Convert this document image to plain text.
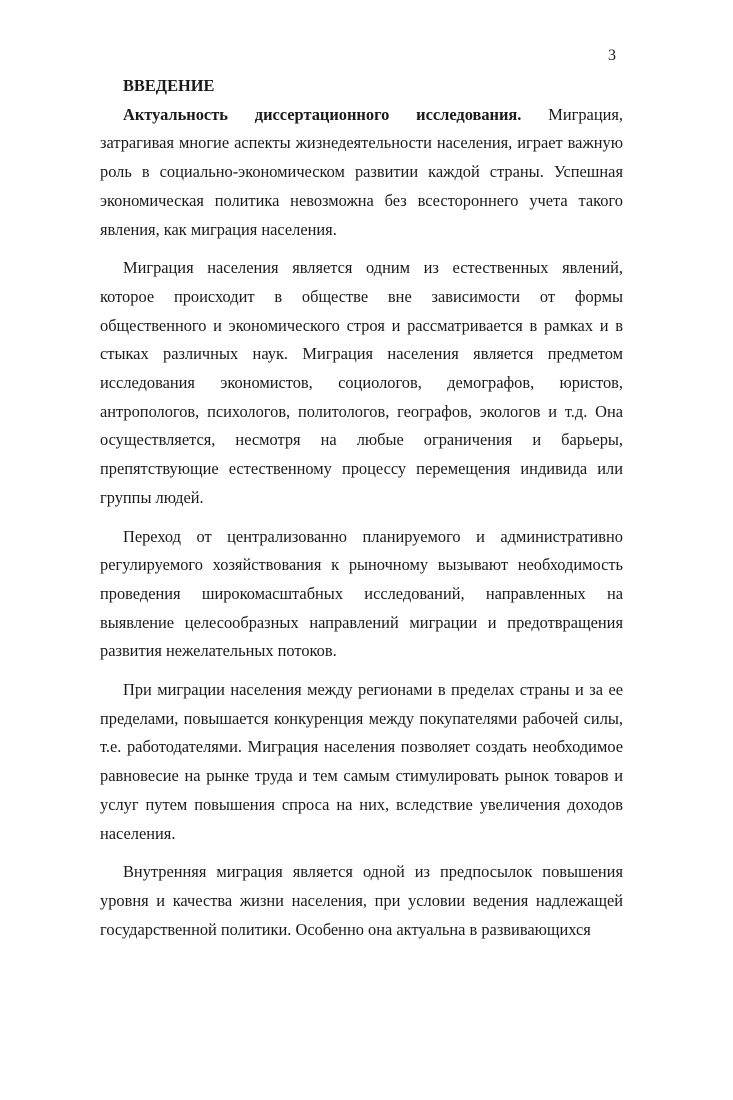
3
ВВЕДЕНИЕ

Актуальность диссертационного исследования. Миграция, затрагивая многие аспекты жизнедеятельности населения, играет важную роль в социально-экономическом развитии каждой страны. Успешная экономическая политика невозможна без всестороннего учета такого явления, как миграция населения.

Миграция населения является одним из естественных явлений, которое происходит в обществе вне зависимости от формы общественного и экономического строя и рассматривается в рамках и в стыках различных наук. Миграция населения является предметом исследования экономистов, социологов, демографов, юристов, антропологов, психологов, политологов, географов, экологов и т.д. Она осуществляется, несмотря на любые ограничения и барьеры, препятствующие естественному процессу перемещения индивида или группы людей.

Переход от централизованно планируемого и административно регулируемого хозяйствования к рыночному вызывают необходимость проведения широкомасштабных исследований, направленных на выявление целесообразных направлений миграции и предотвращения развития нежелательных потоков.

При миграции населения между регионами в пределах страны и за ее пределами, повышается конкуренция между покупателями рабочей силы, т.е. работодателями. Миграция населения позволяет создать необходимое равновесие на рынке труда и тем самым стимулировать рынок товаров и услуг путем повышения спроса на них, вследствие увеличения доходов населения.

Внутренняя миграция является одной из предпосылок повышения уровня и качества жизни населения, при условии ведения надлежащей государственной политики. Особенно она актуальна в развивающихся
